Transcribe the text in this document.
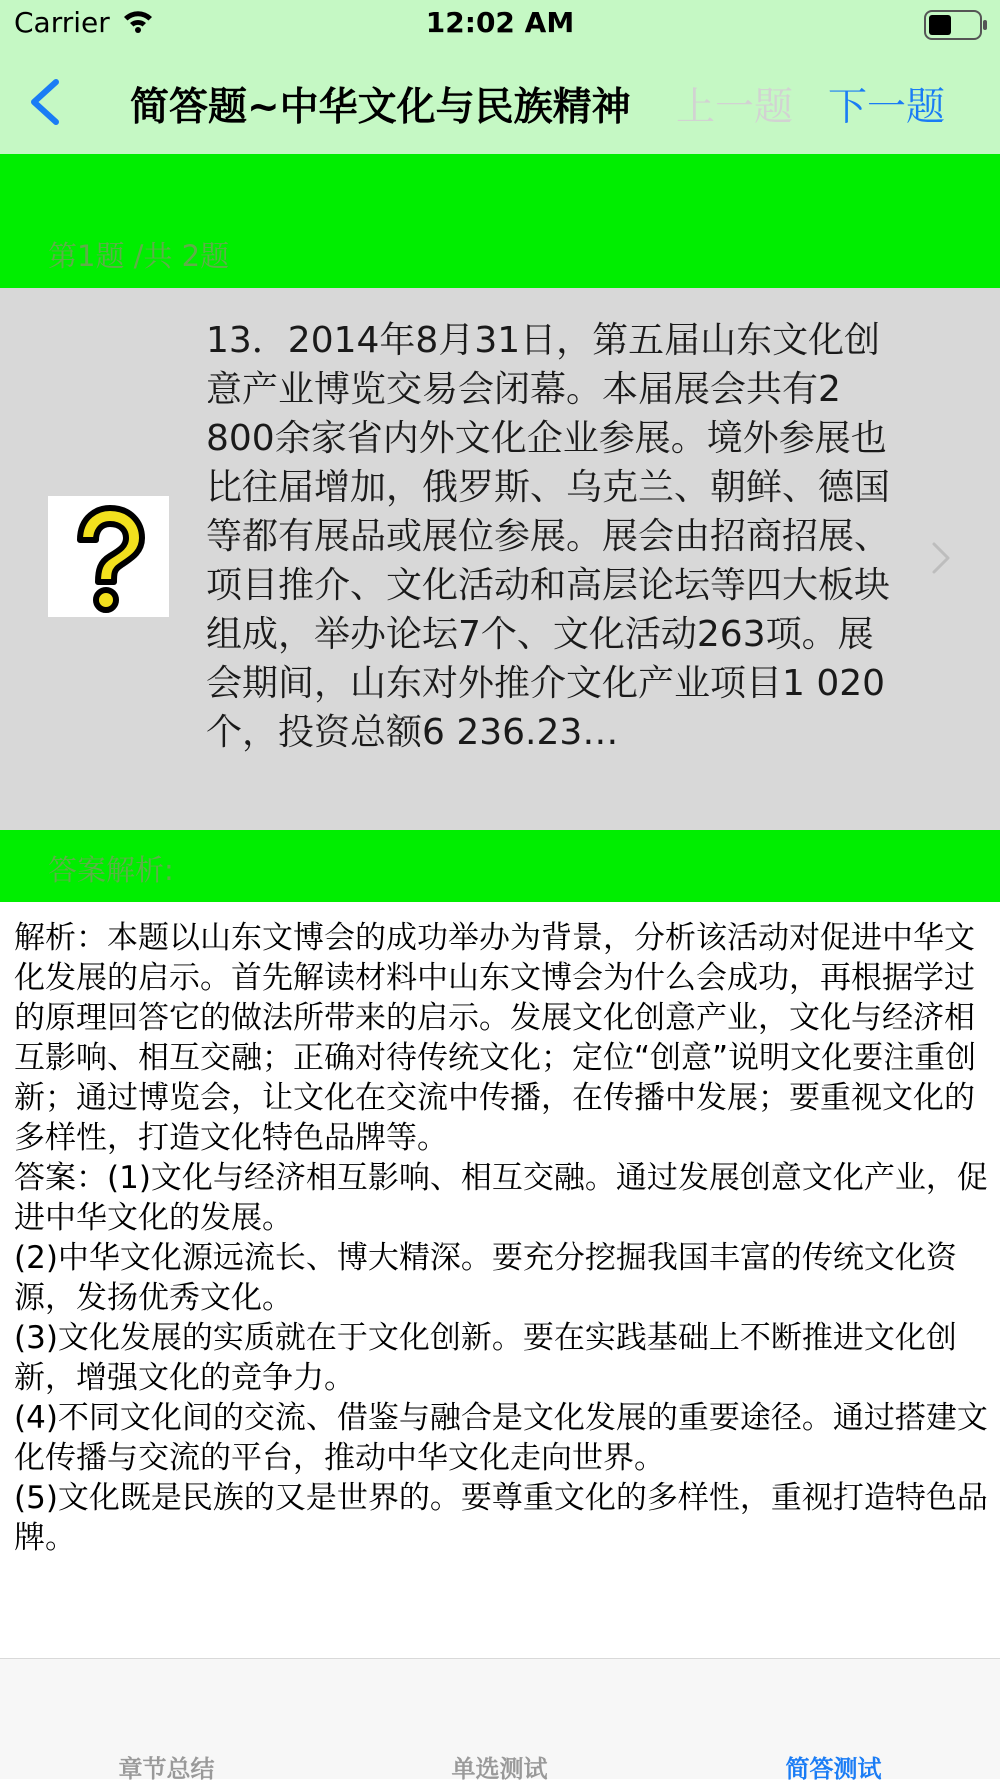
Carrier	12:02 AM
简答题~中华文化与民族精神 上一题 下一题
第1题 /共 2题
13．2014年8月31日，第五届山东文化创意产业博览交易会闭幕。本届展会共有2 800余家省内外文化企业参展。境外参展也比往届增加，俄罗斯、乌克兰、朝鲜、德国等都有展品或展位参展。展会由招商招展、项目推介、文化活动和高层论坛等四大板块组成，举办论坛7个、文化活动263项。展会期间，山东对外推介文化产业项目1 020个，投资总额6 236.23…
答案解析:

解析：本题以山东文博会的成功举办为背景，分析该活动对促进中华文化发展的启示。首先解读材料中山东文博会为什么会成功，再根据学过的原理回答它的做法所带来的启示。发展文化创意产业，文化与经济相互影响、相互交融；正确对待传统文化；定位“创意”说明文化要注重创新；通过博览会，让文化在交流中传播，在传播中发展；要重视文化的多样性，打造文化特色品牌等。

答案：(1)文化与经济相互影响、相互交融。通过发展创意文化产业，促进中华文化的发展。

(2)中华文化源远流长、博大精深。要充分挖掘我国丰富的传统文化资源，发扬优秀文化。

(3)文化发展的实质就在于文化创新。要在实践基础上不断推进文化创新，增强文化的竞争力。

(4)不同文化间的交流、借鉴与融合是文化发展的重要途径。通过搭建文化传播与交流的平台，推动中华文化走向世界。

(5)文化既是民族的又是世界的。要尊重文化的多样性，重视打造特色品牌。

章节总结	单选测试	简答测试
